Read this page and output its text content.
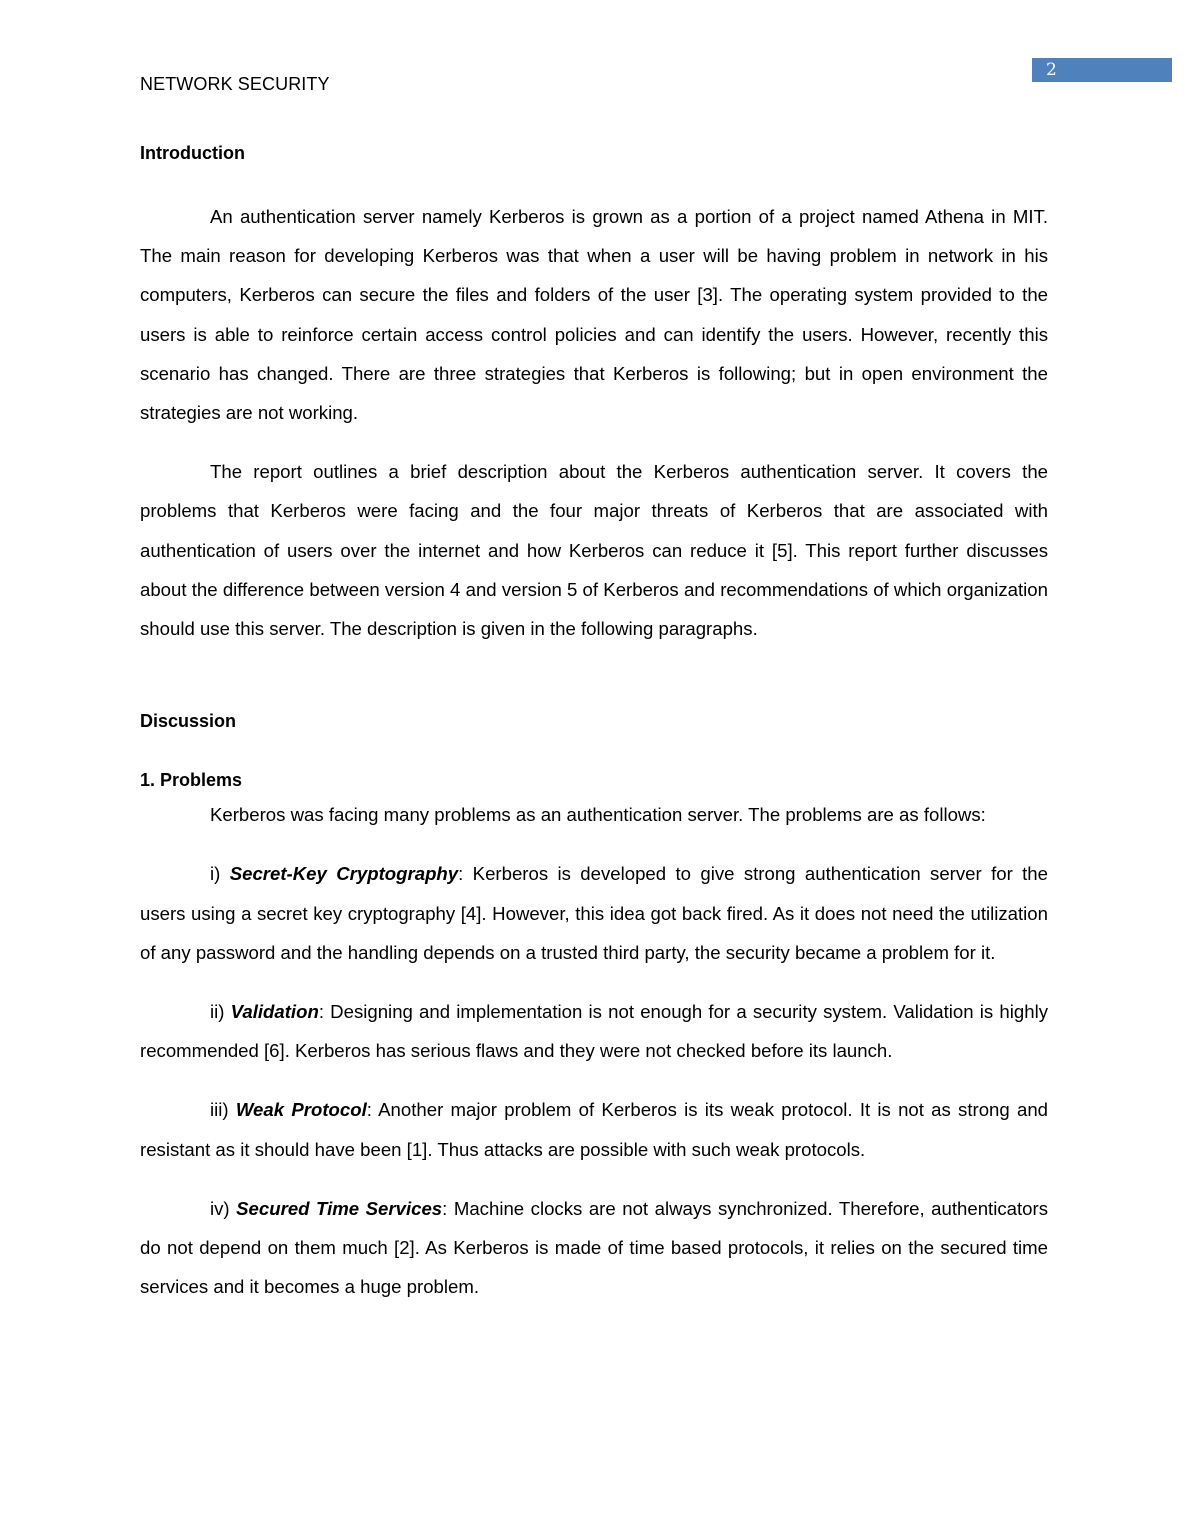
2
NETWORK SECURITY

Introduction

An authentication server namely Kerberos is grown as a portion of a project named Athena in MIT. The main reason for developing Kerberos was that when a user will be having problem in network in his computers, Kerberos can secure the files and folders of the user [3]. The operating system provided to the users is able to reinforce certain access control policies and can identify the users. However, recently this scenario has changed. There are three strategies that Kerberos is following; but in open environment the strategies are not working.

The report outlines a brief description about the Kerberos authentication server. It covers the problems that Kerberos were facing and the four major threats of Kerberos that are associated with authentication of users over the internet and how Kerberos can reduce it [5]. This report further discusses about the difference between version 4 and version 5 of Kerberos and recommendations of which organization should use this server. The description is given in the following paragraphs.

Discussion

1. Problems

Kerberos was facing many problems as an authentication server. The problems are as follows:

i) Secret-Key Cryptography: Kerberos is developed to give strong authentication server for the users using a secret key cryptography [4]. However, this idea got back fired. As it does not need the utilization of any password and the handling depends on a trusted third party, the security became a problem for it.

ii) Validation: Designing and implementation is not enough for a security system. Validation is highly recommended [6]. Kerberos has serious flaws and they were not checked before its launch.

iii) Weak Protocol: Another major problem of Kerberos is its weak protocol. It is not as strong and resistant as it should have been [1]. Thus attacks are possible with such weak protocols.

iv) Secured Time Services: Machine clocks are not always synchronized. Therefore, authenticators do not depend on them much [2]. As Kerberos is made of time based protocols, it relies on the secured time services and it becomes a huge problem.
